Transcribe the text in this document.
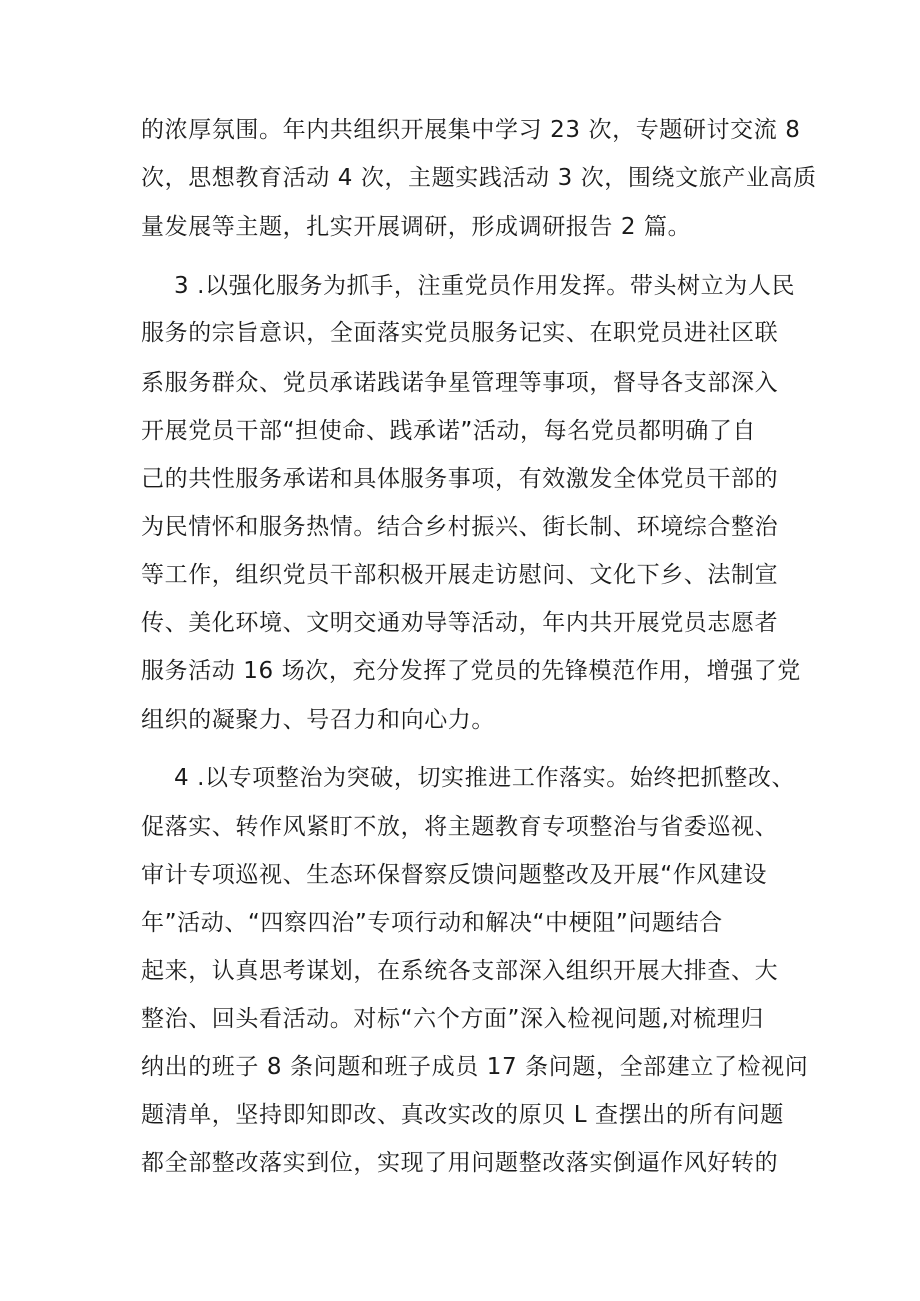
的浓厚氛围。年内共组织开展集中学习 23 次，专题研讨交流 8
次，思想教育活动 4 次，主题实践活动 3 次，围绕文旅产业高质
量发展等主题，扎实开展调研，形成调研报告 2 篇。
3 .以强化服务为抓手，注重党员作用发挥。带头树立为人民
服务的宗旨意识，全面落实党员服务记实、在职党员进社区联
系服务群众、党员承诺践诺争星管理等事项，督导各支部深入
开展党员干部“担使命、践承诺”活动，每名党员都明确了自
己的共性服务承诺和具体服务事项，有效激发全体党员干部的
为民情怀和服务热情。结合乡村振兴、街长制、环境综合整治
等工作，组织党员干部积极开展走访慰问、文化下乡、法制宣
传、美化环境、文明交通劝导等活动，年内共开展党员志愿者
服务活动 16 场次，充分发挥了党员的先锋模范作用，增强了党
组织的凝聚力、号召力和向心力。
4 .以专项整治为突破，切实推进工作落实。始终把抓整改、
促落实、转作风紧盯不放，将主题教育专项整治与省委巡视、
审计专项巡视、生态环保督察反馈问题整改及开展“作风建设
年”活动、“四察四治”专项行动和解决“中梗阻”问题结合
起来，认真思考谋划，在系统各支部深入组织开展大排查、大
整治、回头看活动。对标“六个方面”深入检视问题,对梳理归
纳出的班子 8 条问题和班子成员 17 条问题，全部建立了检视问
题清单，坚持即知即改、真改实改的原贝 L 查摆出的所有问题
都全部整改落实到位，实现了用问题整改落实倒逼作风好转的
